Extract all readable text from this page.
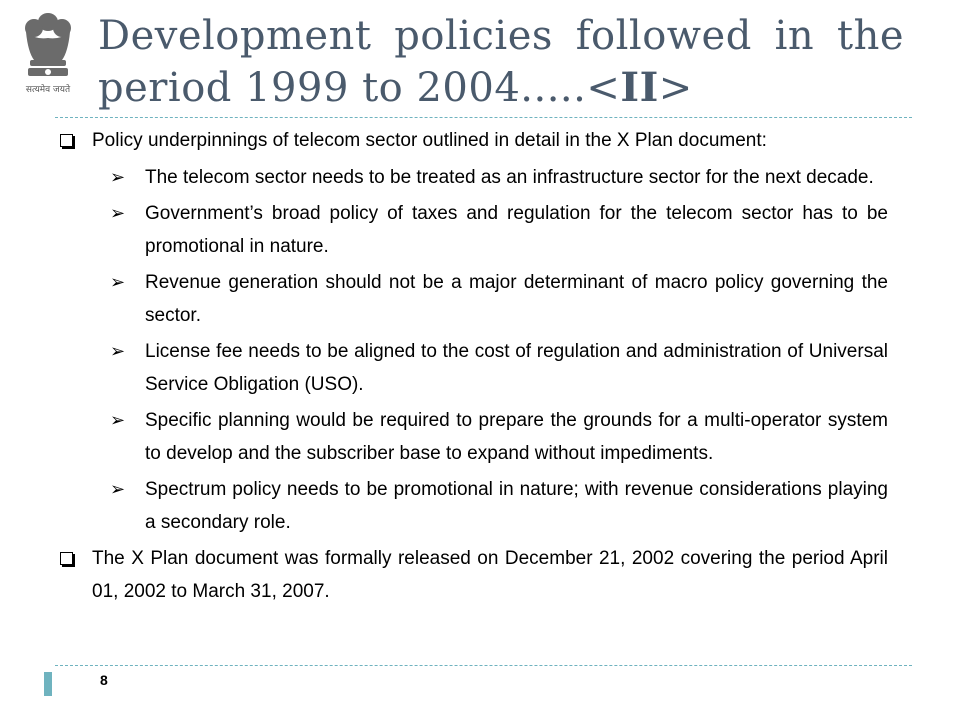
सत्यमेव जयते
Development policies followed in the period 1999 to 2004.....<II>
Policy underpinnings of telecom sector outlined in detail in the X Plan document:
➢ The telecom sector needs to be treated as an infrastructure sector for the next decade.
➢ Government’s broad policy of taxes and regulation for the telecom sector has to be promotional in nature.
➢ Revenue generation should not be a major determinant of macro policy governing the sector.
➢ License fee needs to be aligned to the cost of regulation and administration of Universal Service Obligation (USO).
➢ Specific planning would be required to prepare the grounds for a multi-operator system to develop and the subscriber base to expand without impediments.
➢ Spectrum policy needs to be promotional in nature; with revenue considerations playing a secondary role.
The X Plan document was formally released on December 21, 2002 covering the period April 01, 2002 to March 31, 2007.
8
